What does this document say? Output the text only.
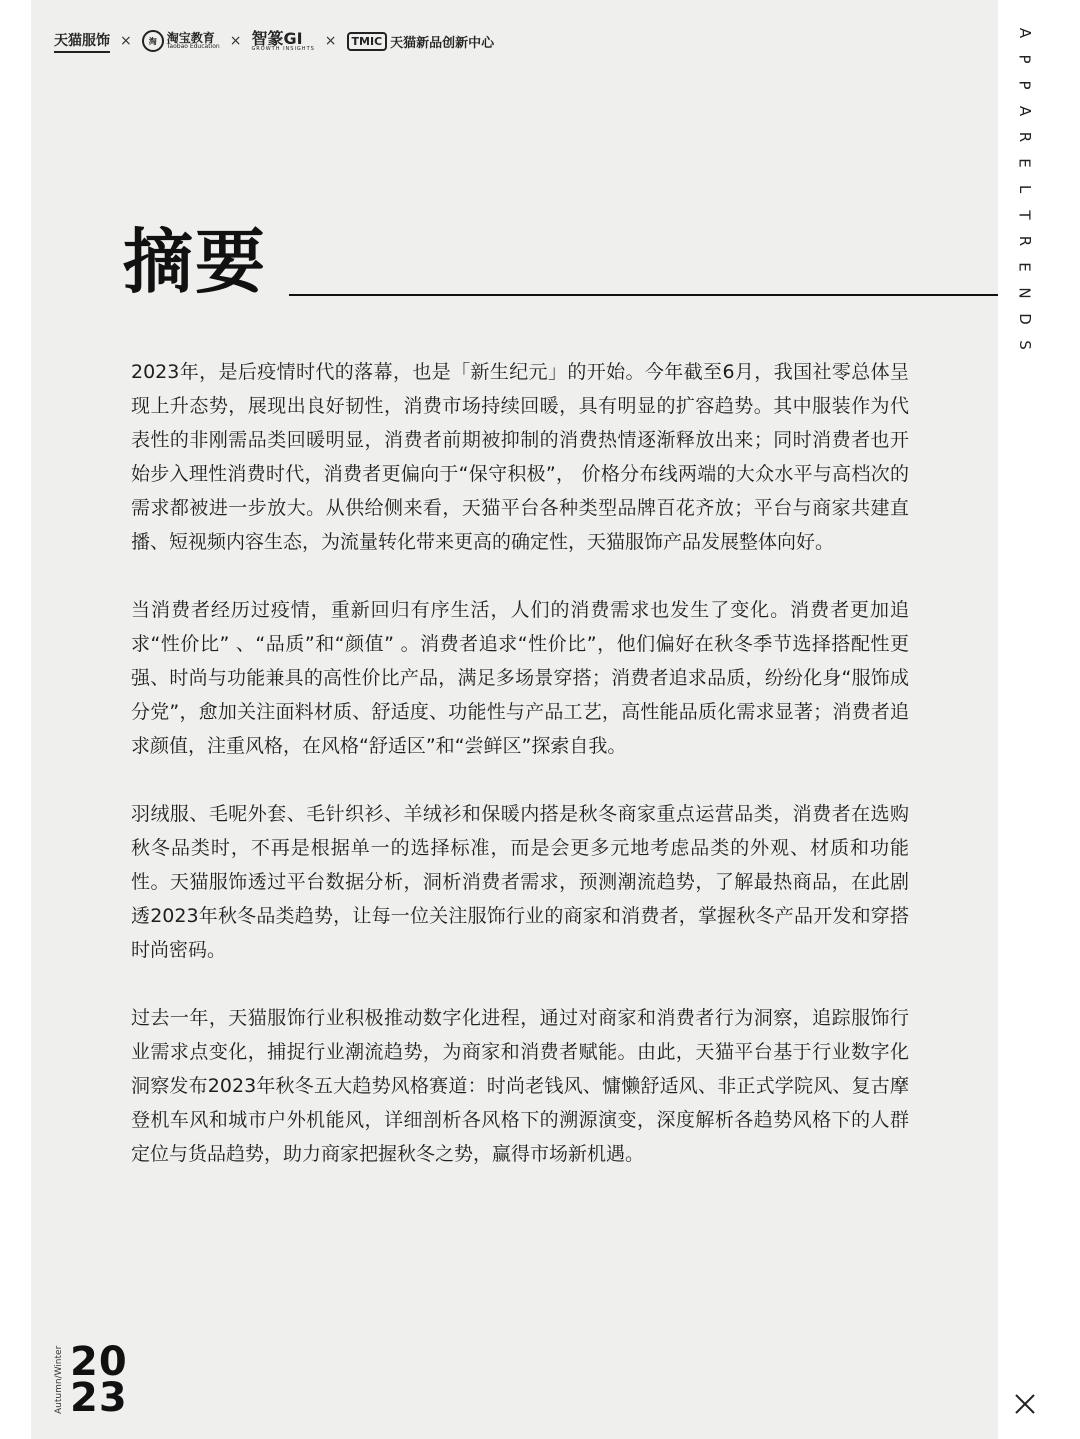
天猫服饰 ×	淘 淘宝教育
Taobao Education × 智篆GI
GROWTH INSIGHTS ×	TMIC 天猫新品创新中心
摘要

2023年，是后疫情时代的落幕，也是「新生纪元」的开始。今年截至6月，我国社零总体呈现上升态势，展现出良好韧性，消费市场持续回暖，具有明显的扩容趋势。其中服装作为代表性的非刚需品类回暖明显，消费者前期被抑制的消费热情逐渐释放出来；同时消费者也开始步入理性消费时代，消费者更偏向于“保守积极”， 价格分布线两端的大众水平与高档次的需求都被进一步放大。从供给侧来看，天猫平台各种类型品牌百花齐放；平台与商家共建直播、短视频内容生态，为流量转化带来更高的确定性，天猫服饰产品发展整体向好。

当消费者经历过疫情，重新回归有序生活，人们的消费需求也发生了变化。消费者更加追求“性价比” 、“品质”和“颜值” 。消费者追求“性价比”，他们偏好在秋冬季节选择搭配性更强、时尚与功能兼具的高性价比产品，满足多场景穿搭；消费者追求品质，纷纷化身“服饰成分党”，愈加关注面料材质、舒适度、功能性与产品工艺，高性能品质化需求显著；消费者追求颜值，注重风格，在风格“舒适区”和“尝鲜区”探索自我。

羽绒服、毛呢外套、毛针织衫、羊绒衫和保暖内搭是秋冬商家重点运营品类，消费者在选购秋冬品类时，不再是根据单一的选择标准，而是会更多元地考虑品类的外观、材质和功能性。天猫服饰透过平台数据分析，洞析消费者需求，预测潮流趋势，了解最热商品，在此剧透2023年秋冬品类趋势，让每一位关注服饰行业的商家和消费者，掌握秋冬产品开发和穿搭时尚密码。

过去一年，天猫服饰行业积极推动数字化进程，通过对商家和消费者行为洞察，追踪服饰行业需求点变化，捕捉行业潮流趋势，为商家和消费者赋能。由此，天猫平台基于行业数字化洞察发布2023年秋冬五大趋势风格赛道：时尚老钱风、慵懒舒适风、非正式学院风、复古摩登机车风和城市户外机能风，详细剖析各风格下的溯源演变，深度解析各趋势风格下的人群定位与货品趋势，助力商家把握秋冬之势，赢得市场新机遇。

A
P
P
A
R
E
L
T
R
E
N
D
S
Autumn/Winter 20
23
